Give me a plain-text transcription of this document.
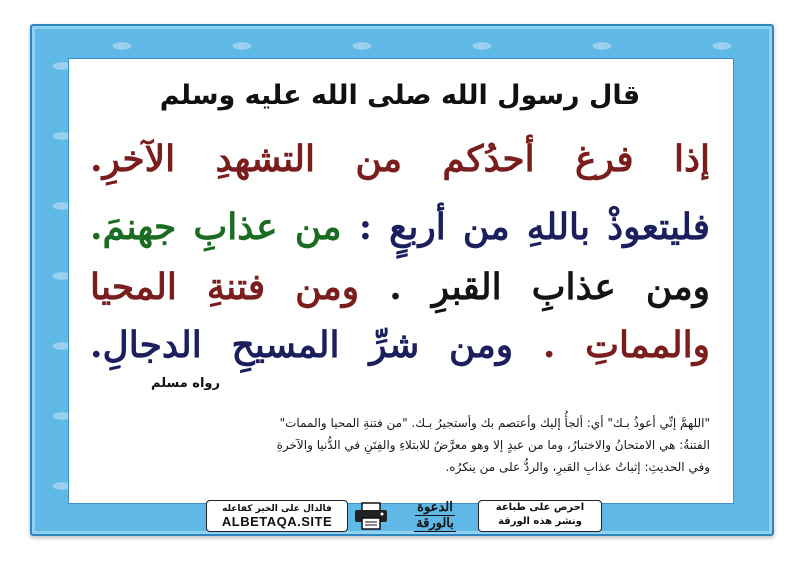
قال رسول الله صلى الله عليه وسلم
إذا فرغ أحدُكم من التشهدِ الآخرِ.
فليتعوذْ باللهِ من أربعٍ : من عذابِ جهنمَ.
ومن عذابِ القبرِ . ومن فتنةِ المحيا
والمماتِ . ومن شرِّ المسيحِ الدجالِ.
رواه مسلم
"اللهمَّ إنِّي أعوذُ بـك" أي: ألجأُ إليك وأعتصم بك وأستجيرُ بـك. "من فتنةِ المحيا والممات"
الفتنةُ: هي الامتحانُ والاختبارُ، وما من عبدٍ إلا وهو معرَّضٌ للابتلاءِ والفِتَنِ في الدُّنيا والآخرةِ
وفي الحديثِ: إثباتُ عذابِ القبرِ، والردُّ على من ينكرُه.
احرص على طباعة
ونشر هذه الورقة
الدعوة
بالورقة
فالدال على الخير كفاعله
ALBETAQA.SITE
